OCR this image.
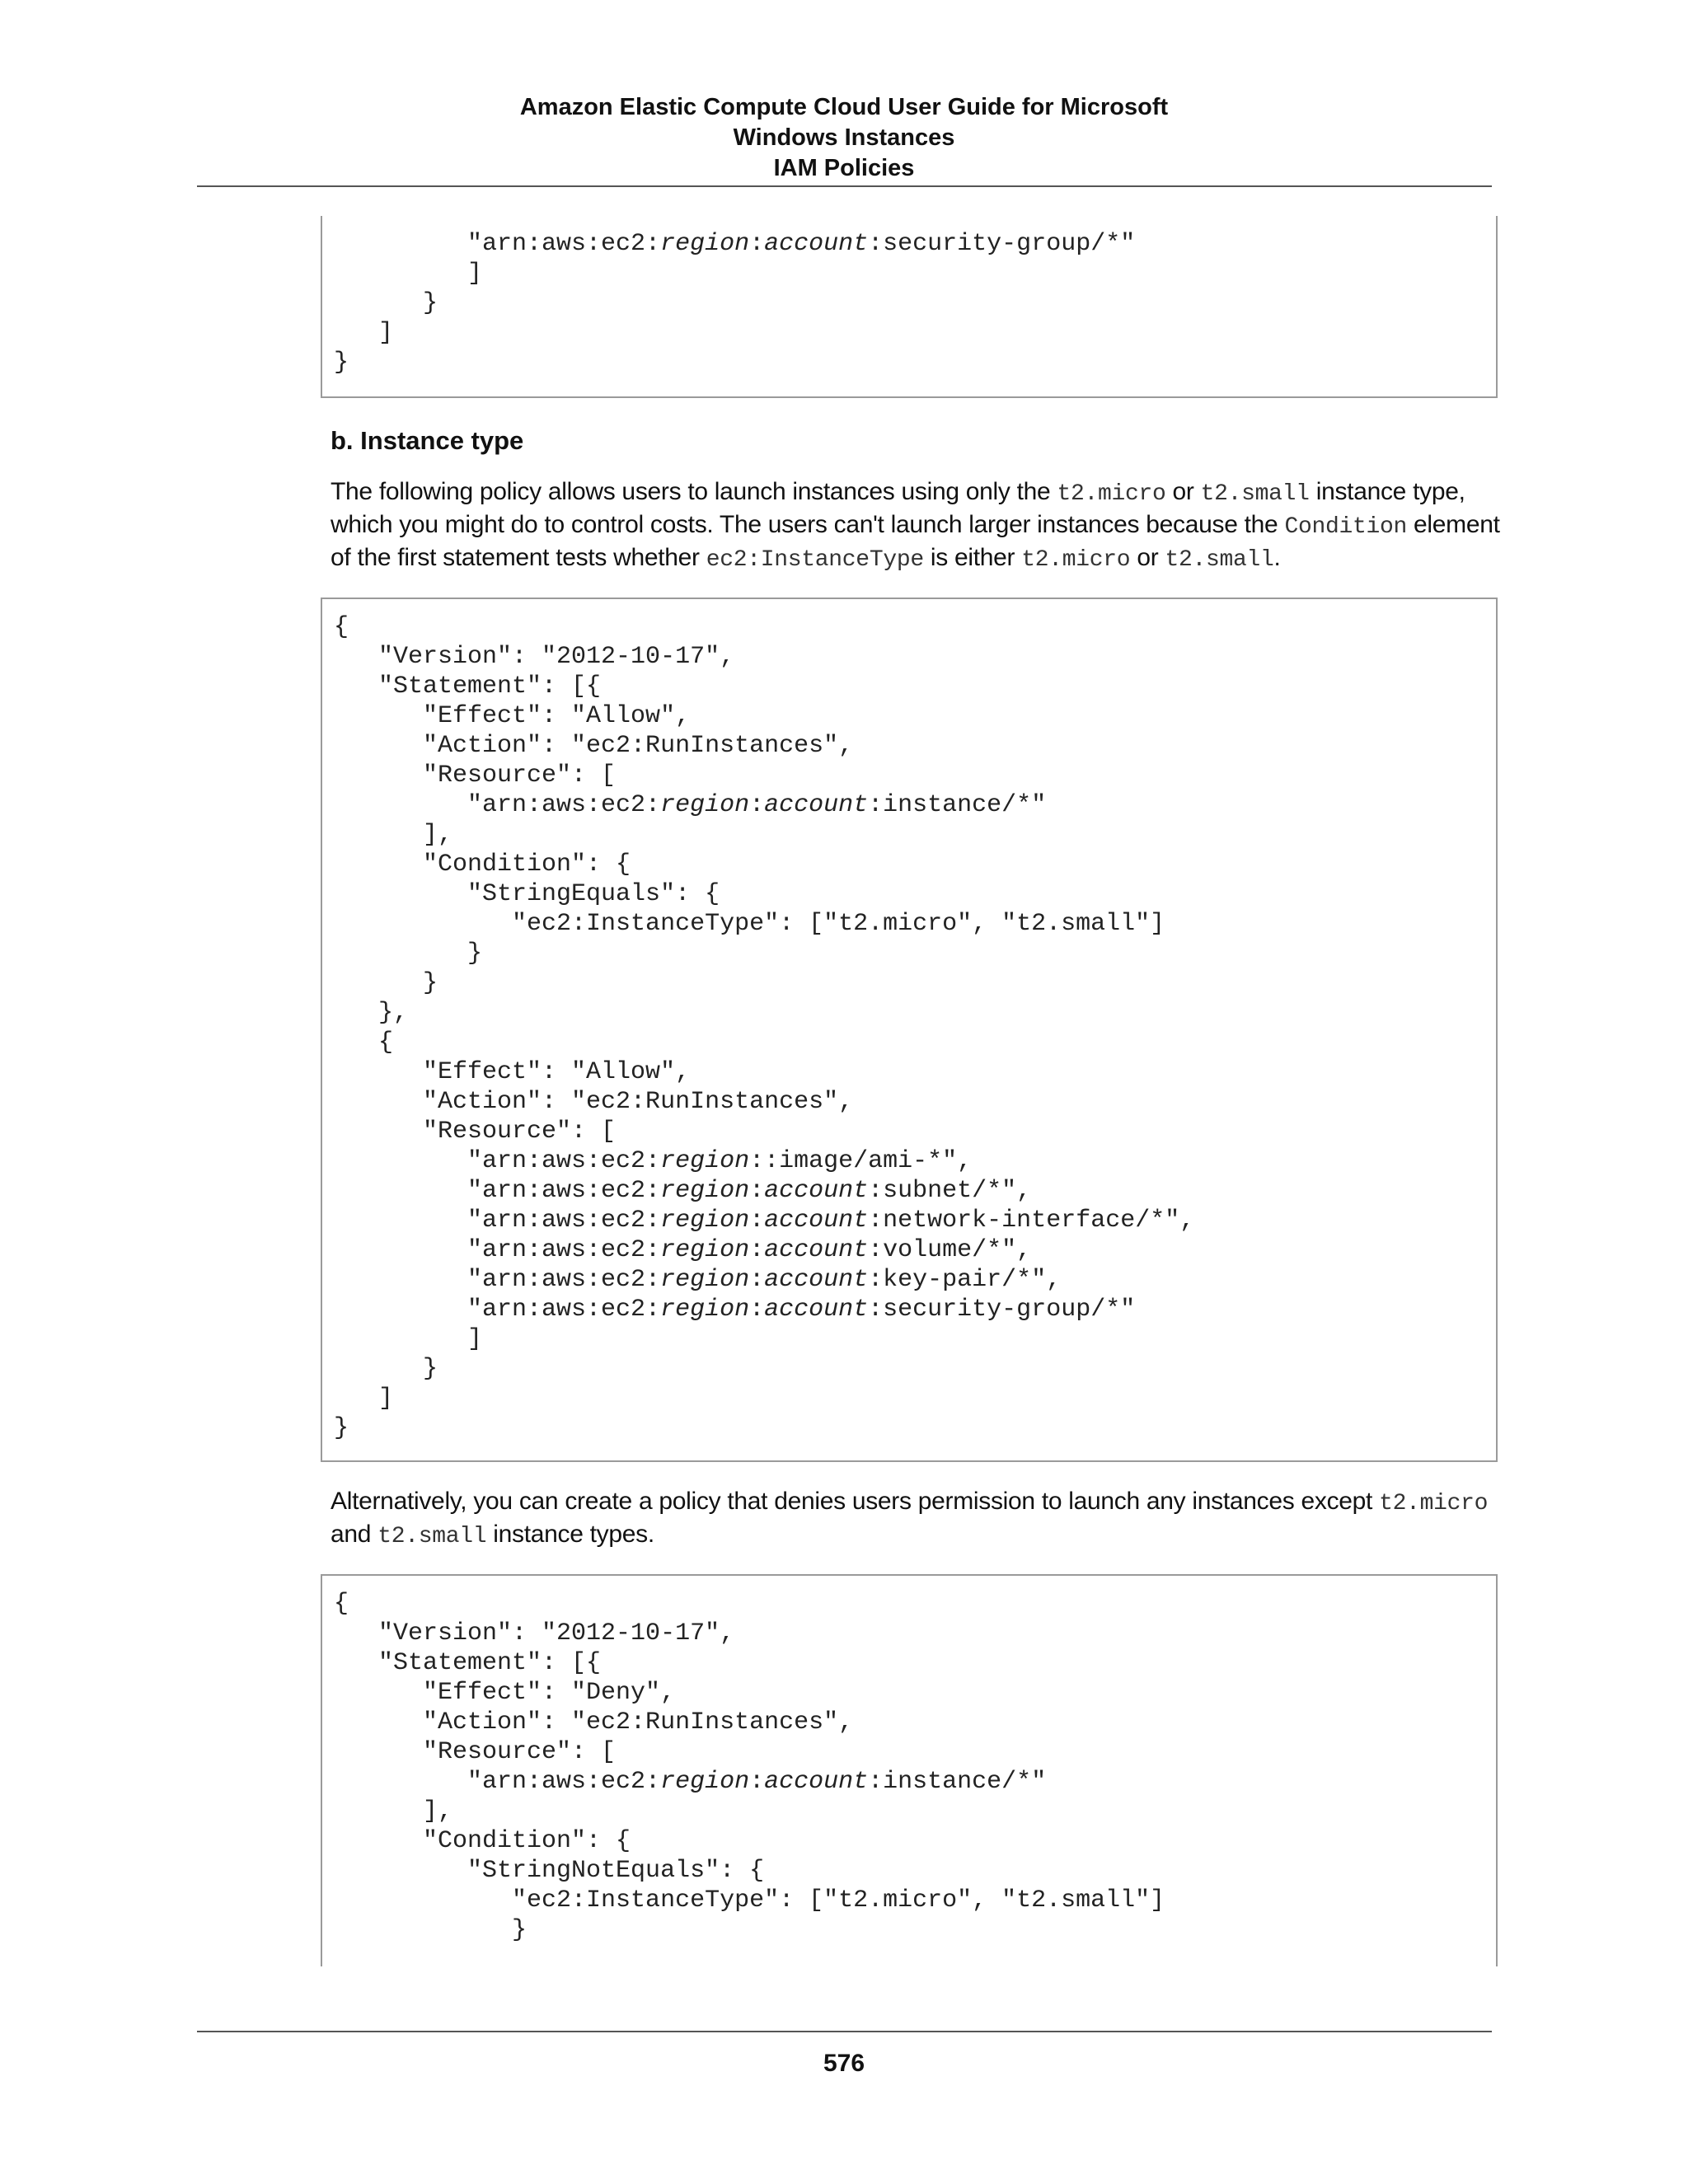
Amazon Elastic Compute Cloud User Guide for Microsoft
Windows Instances
IAM Policies
"arn:aws:ec2:region:account:security-group/*"
]
}
]
}
b. Instance type
The following policy allows users to launch instances using only the t2.micro or t2.small instance type, which you might do to control costs. The users can't launch larger instances because the Condition element of the first statement tests whether ec2:InstanceType is either t2.micro or t2.small.
{
"Version": "2012-10-17",
"Statement": [{
"Effect": "Allow",
"Action": "ec2:RunInstances",
"Resource": [
"arn:aws:ec2:region:account:instance/*"
],
"Condition": {
"StringEquals": {
"ec2:InstanceType": ["t2.micro", "t2.small"]
}
}
},
{
"Effect": "Allow",
"Action": "ec2:RunInstances",
"Resource": [
"arn:aws:ec2:region::image/ami-*",
"arn:aws:ec2:region:account:subnet/*",
"arn:aws:ec2:region:account:network-interface/*",
"arn:aws:ec2:region:account:volume/*",
"arn:aws:ec2:region:account:key-pair/*",
"arn:aws:ec2:region:account:security-group/*"
]
}
]
}
Alternatively, you can create a policy that denies users permission to launch any instances except t2.micro and t2.small instance types.
{
"Version": "2012-10-17",
"Statement": [{
"Effect": "Deny",
"Action": "ec2:RunInstances",
"Resource": [
"arn:aws:ec2:region:account:instance/*"
],
"Condition": {
"StringNotEquals": {
"ec2:InstanceType": ["t2.micro", "t2.small"]
}
576
